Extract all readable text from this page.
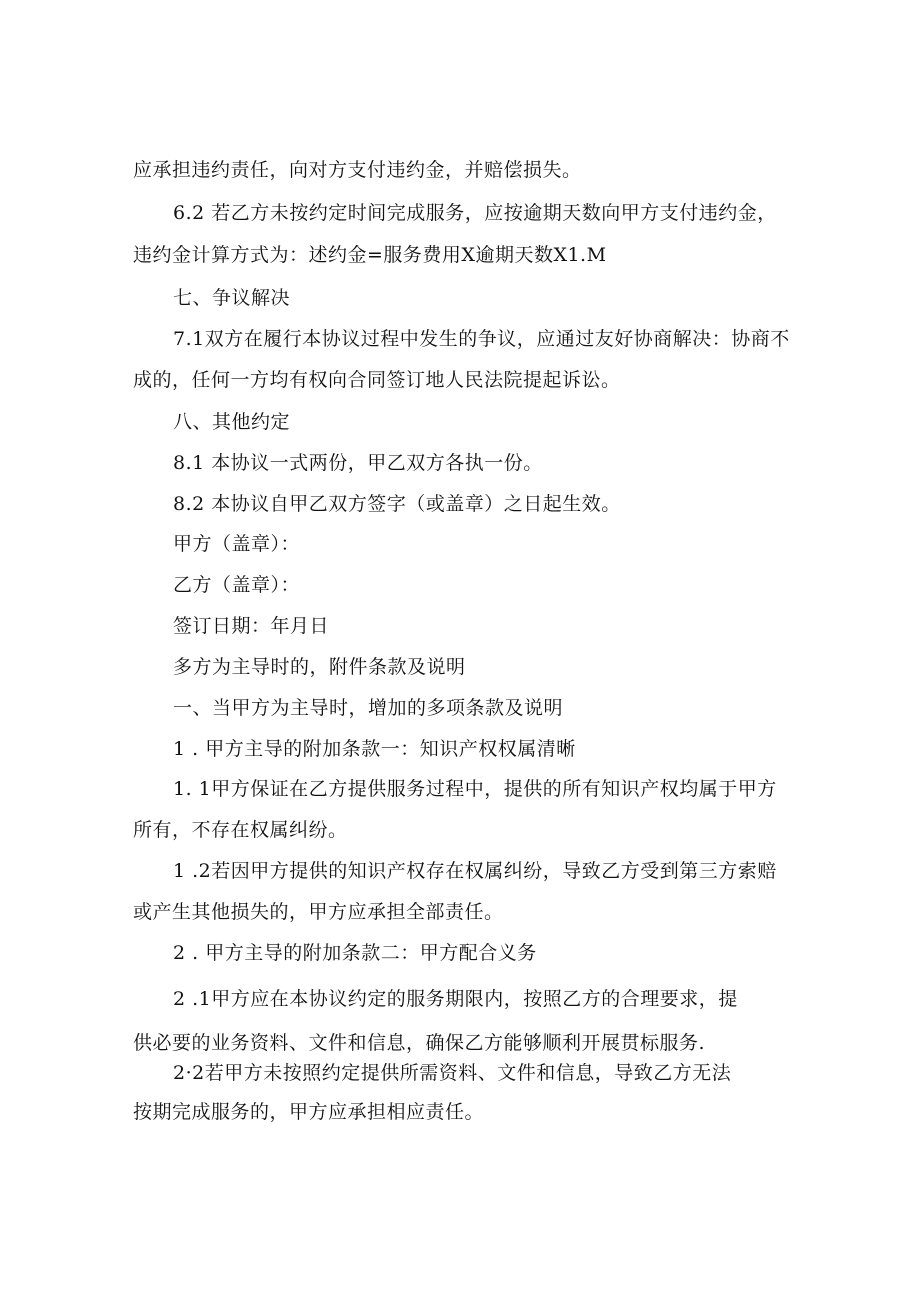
应承担违约责任，向对方支付违约金，并赔偿损失。
6.2 若乙方未按约定时间完成服务，应按逾期天数向甲方支付违约金，
违约金计算方式为：述约金=服务费用X逾期天数X1.M
七、争议解决
7.1双方在履行本协议过程中发生的争议，应通过友好协商解决：协商不
成的，任何一方均有权向合同签订地人民法院提起诉讼。
八、其他约定
8.1 本协议一式两份，甲乙双方各执一份。
8.2 本协议自甲乙双方签字（或盖章）之日起生效。
甲方（盖章）：
乙方（盖章）：
签订日期：年月日
多方为主导时的，附件条款及说明
一、当甲方为主导时，增加的多项条款及说明
1 . 甲方主导的附加条款一：知识产权权属清晰
1. 1甲方保证在乙方提供服务过程中，提供的所有知识产权均属于甲方
所有，不存在权属纠纷。
1 .2若因甲方提供的知识产权存在权属纠纷，导致乙方受到第三方索赔
或产生其他损失的，甲方应承担全部责任。
2 . 甲方主导的附加条款二：甲方配合义务
2 .1甲方应在本协议约定的服务期限内，按照乙方的合理要求，提
供必要的业务资料、文件和信息，确保乙方能够顺利开展贯标服务.
2·2若甲方未按照约定提供所需资料、文件和信息，导致乙方无法
按期完成服务的，甲方应承担相应责任。
